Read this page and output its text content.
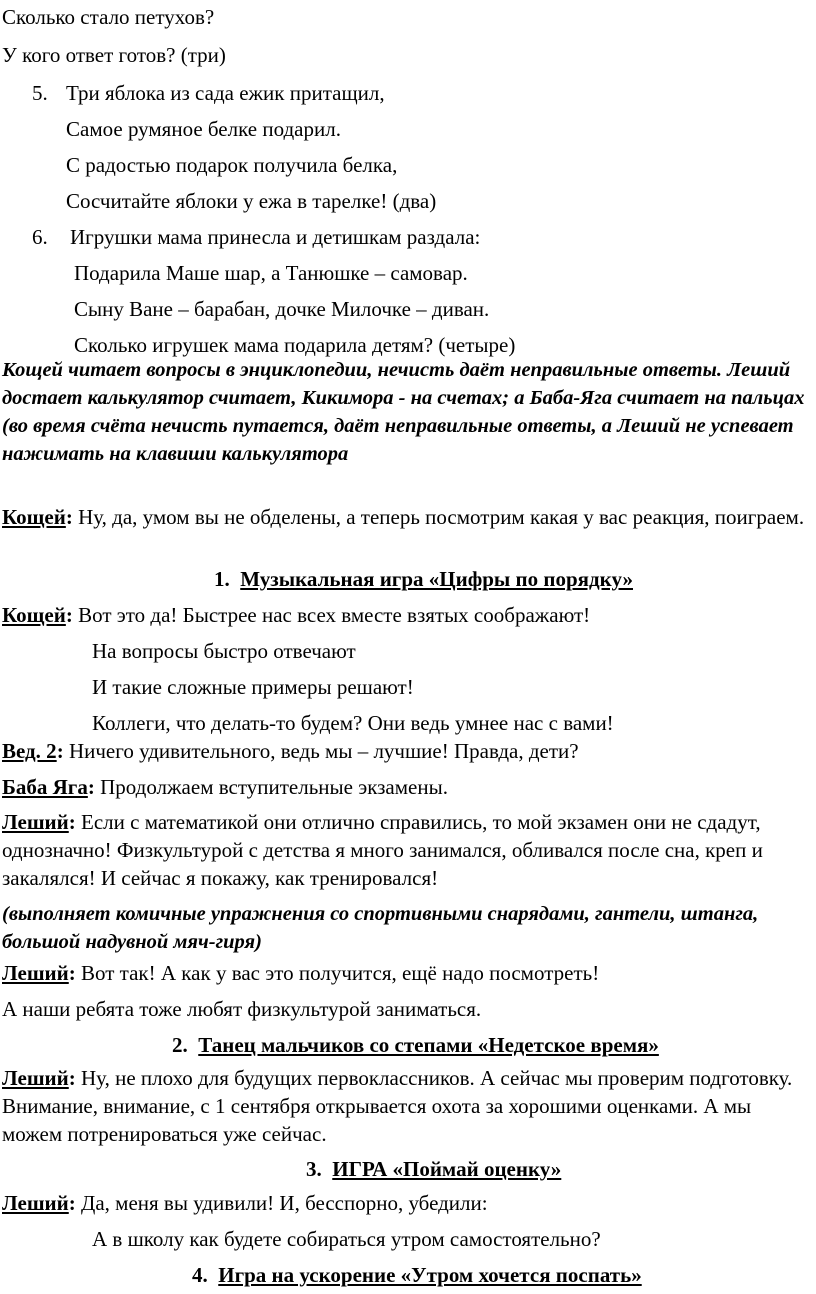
Сколько стало петухов?
У кого ответ готов? (три)
5. Три яблока из сада ежик притащил,
Самое румяное белке подарил.
С радостью подарок получила белка,
Сосчитайте яблоки у ежа в тарелке! (два)
6. Игрушки мама принесла и детишкам раздала:
Подарила Маше шар, а Танюшке – самовар.
Сыну Ване – барабан, дочке Милочке – диван.
Сколько игрушек мама подарила детям? (четыре)
Кощей читает вопросы в энциклопедии, нечисть даёт неправильные ответы. Леший достает калькулятор считает, Кикимора - на счетах; а Баба-Яга считает на пальцах (во время счёта нечисть путается, даёт неправильные ответы, а Леший не успевает нажимать на клавиши калькулятора
Кощей: Ну, да, умом вы не обделены, а теперь посмотрим какая у вас реакция, поиграем.
1. Музыкальная игра «Цифры по порядку»
Кощей: Вот это да! Быстрее нас всех вместе взятых соображают!
На вопросы быстро отвечают
И такие сложные примеры решают!
Коллеги, что делать-то будем? Они ведь умнее нас с вами!
Вед. 2: Ничего удивительного, ведь мы – лучшие! Правда, дети?
Баба Яга: Продолжаем вступительные экзамены.
Леший: Если с математикой они отлично справились, то мой экзамен они не сдадут, однозначно! Физкультурой с детства я много занимался, обливался после сна, креп и закалялся! И сейчас я покажу, как тренировался!
(выполняет комичные упражнения со спортивными снарядами, гантели, штанга, большой надувной мяч-гиря)
Леший: Вот так! А как у вас это получится, ещё надо посмотреть!
А наши ребята тоже любят физкультурой заниматься.
2. Танец мальчиков со степами «Недетское время»
Леший: Ну, не плохо для будущих первоклассников. А сейчас мы проверим подготовку. Внимание, внимание, с 1 сентября открывается охота за хорошими оценками. А мы можем потренироваться уже сейчас.
3. ИГРА «Поймай оценку»
Леший: Да, меня вы удивили! И, бесспорно, убедили:
А в школу как будете собираться утром самостоятельно?
4. Игра на ускорение «Утром хочется поспать»
